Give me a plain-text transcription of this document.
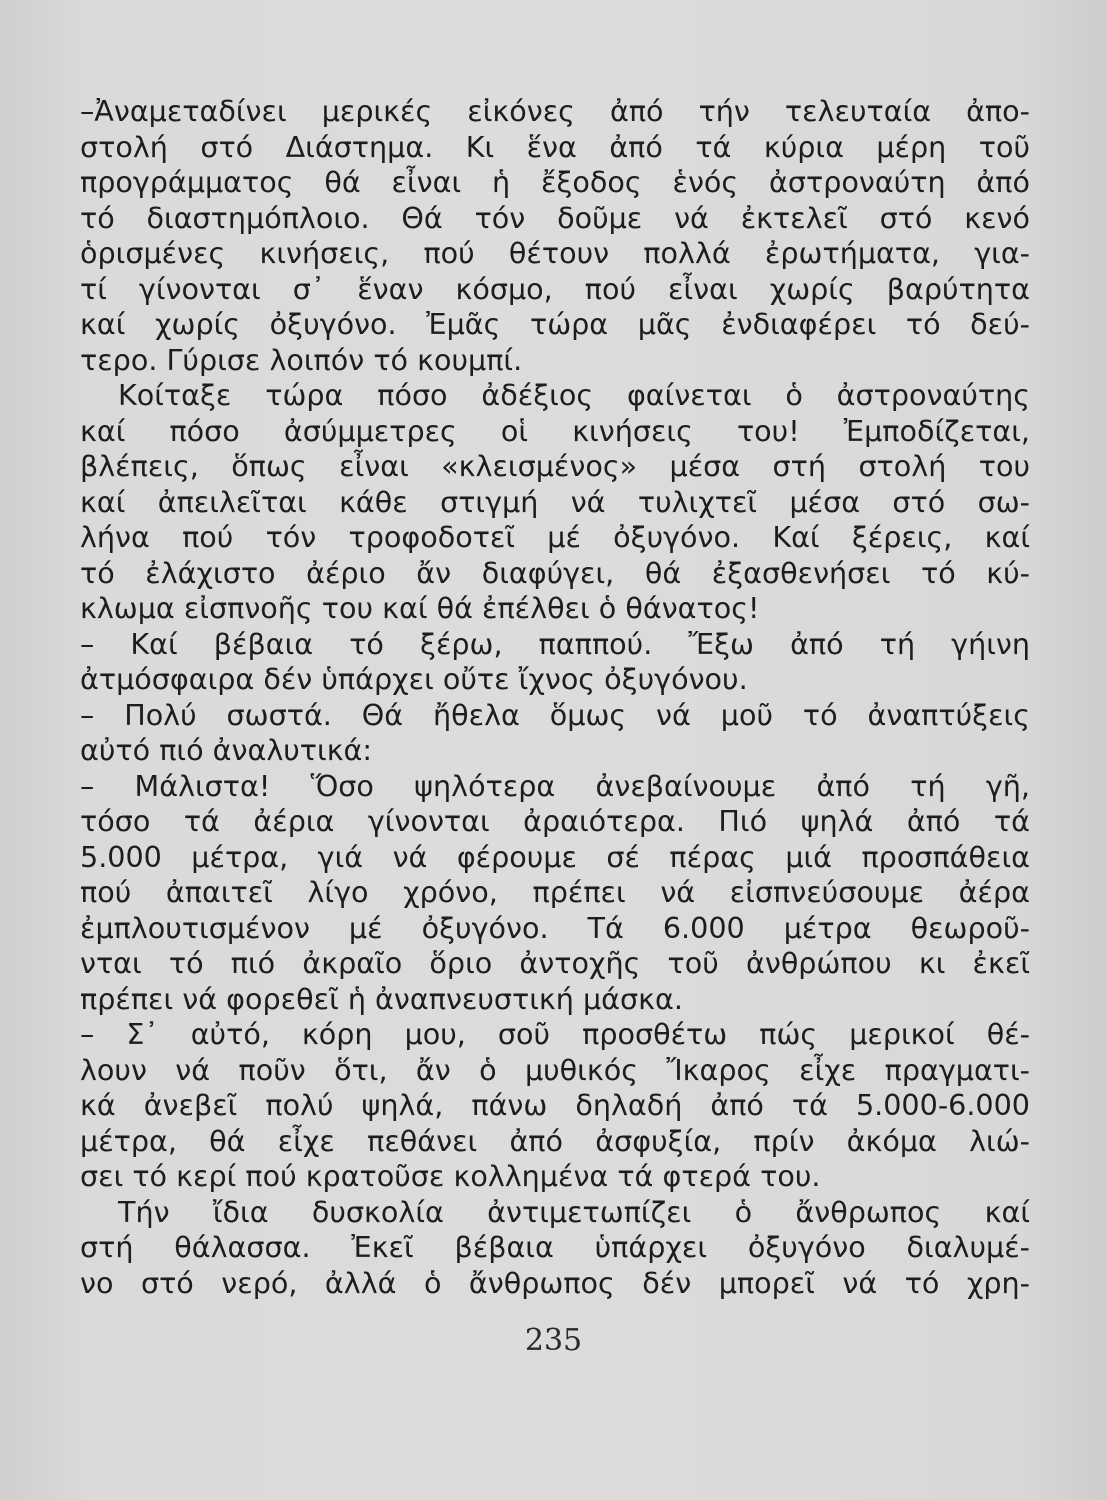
–Ἀναμεταδίνει μερικές εἰκόνες ἀπό τήν τελευταία ἀπο-
στολή στό Διάστημα. Κι ἕνα ἀπό τά κύρια μέρη τοῦ
προγράμματος θά εἶναι ἡ ἔξοδος ἑνός ἀστροναύτη ἀπό
τό διαστημόπλοιο. Θά τόν δοῦμε νά ἐκτελεῖ στό κενό
ὁρισμένες κινήσεις, πού θέτουν πολλά ἐρωτήματα, για-
τί γίνονται σ᾽ ἕναν κόσμο, πού εἶναι χωρίς βαρύτητα
καί χωρίς ὀξυγόνο. Ἐμᾶς τώρα μᾶς ἐνδιαφέρει τό δεύ-
τερο. Γύρισε λοιπόν τό κουμπί.
Κοίταξε τώρα πόσο ἀδέξιος φαίνεται ὁ ἀστροναύτης
καί πόσο ἀσύμμετρες οἱ κινήσεις του! Ἐμποδίζεται,
βλέπεις, ὅπως εἶναι «κλεισμένος» μέσα στή στολή του
καί ἀπειλεῖται κάθε στιγμή νά τυλιχτεῖ μέσα στό σω-
λήνα πού τόν τροφοδοτεῖ μέ ὀξυγόνο. Καί ξέρεις, καί
τό ἐλάχιστο ἀέριο ἄν διαφύγει, θά ἐξασθενήσει τό κύ-
κλωμα εἰσπνοῆς του καί θά ἐπέλθει ὁ θάνατος!
– Καί βέβαια τό ξέρω, παππού. Ἔξω ἀπό τή γήινη
ἀτμόσφαιρα δέν ὑπάρχει οὔτε ἴχνος ὀξυγόνου.
– Πολύ σωστά. Θά ἤθελα ὅμως νά μοῦ τό ἀναπτύξεις
αὐτό πιό ἀναλυτικά:
– Μάλιστα! Ὅσο ψηλότερα ἀνεβαίνουμε ἀπό τή γῆ,
τόσο τά ἀέρια γίνονται ἀραιότερα. Πιό ψηλά ἀπό τά
5.000 μέτρα, γιά νά φέρουμε σέ πέρας μιά προσπάθεια
πού ἀπαιτεῖ λίγο χρόνο, πρέπει νά εἰσπνεύσουμε ἀέρα
ἐμπλουτισμένον μέ ὀξυγόνο. Τά 6.000 μέτρα θεωροῦ-
νται τό πιό ἀκραῖο ὅριο ἀντοχῆς τοῦ ἀνθρώπου κι ἐκεῖ
πρέπει νά φορεθεῖ ἡ ἀναπνευστική μάσκα.
– Σ᾽ αὐτό, κόρη μου, σοῦ προσθέτω πώς μερικοί θέ-
λουν νά ποῦν ὅτι, ἄν ὁ μυθικός Ἴκαρος εἶχε πραγματι-
κά ἀνεβεῖ πολύ ψηλά, πάνω δηλαδή ἀπό τά 5.000-6.000
μέτρα, θά εἶχε πεθάνει ἀπό ἀσφυξία, πρίν ἀκόμα λιώ-
σει τό κερί πού κρατοῦσε κολλημένα τά φτερά του.
Τήν ἴδια δυσκολία ἀντιμετωπίζει ὁ ἄνθρωπος καί
στή θάλασσα. Ἐκεῖ βέβαια ὑπάρχει ὀξυγόνο διαλυμέ-
νο στό νερό, ἀλλά ὁ ἄνθρωπος δέν μπορεῖ νά τό χρη-
235
